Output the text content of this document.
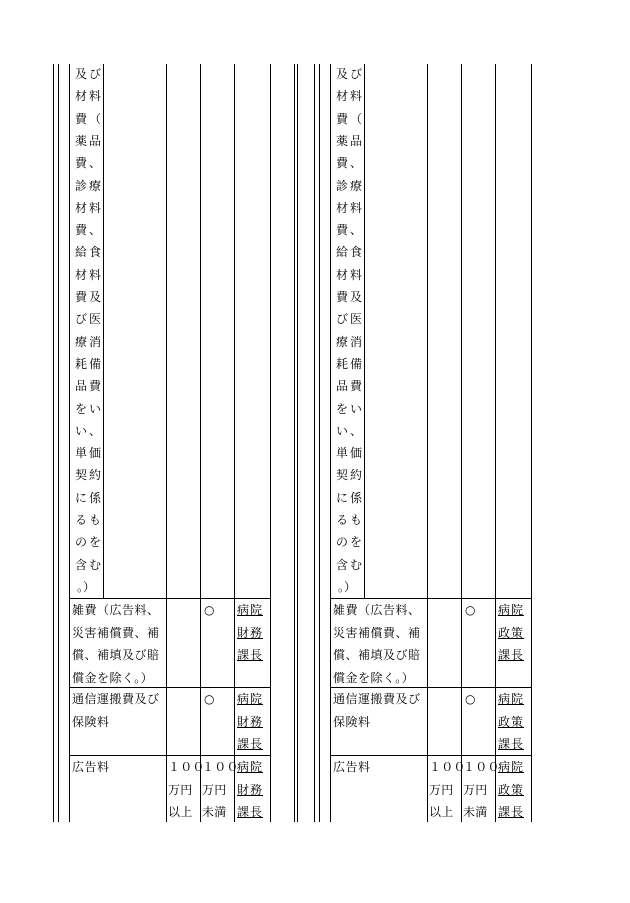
及 び
材 料
費 （
薬 品
費 、
診 療
材 料
費 、
給 食
材 料
費 及
び 医
療 消
耗 備
品 費
を い
い 、
単 価
契 約
に 係
る も
の を
含 む
。）
雑費（広告料、
災害補償費、補
償、補填及び賠
償金を除く。）
○ 病院
財務
課長
通信運搬費及び
保険料
○ 病院
財務
課長
広告料	１００
万円
以上
１００
万円
未満
病院
財務
課長
及 び
材 料
費 （
薬 品
費 、
診 療
材 料
費 、
給 食
材 料
費 及
び 医
療 消
耗 備
品 費
を い
い 、
単 価
契 約
に 係
る も
の を
含 む
。）
雑費（広告料、
災害補償費、補
償、補填及び賠
償金を除く。）
○ 病院
政策
課長
通信運搬費及び
保険料
○ 病院
政策
課長
広告料	１００
万円
以上
１００
万円
未満
病院
政策
課長
